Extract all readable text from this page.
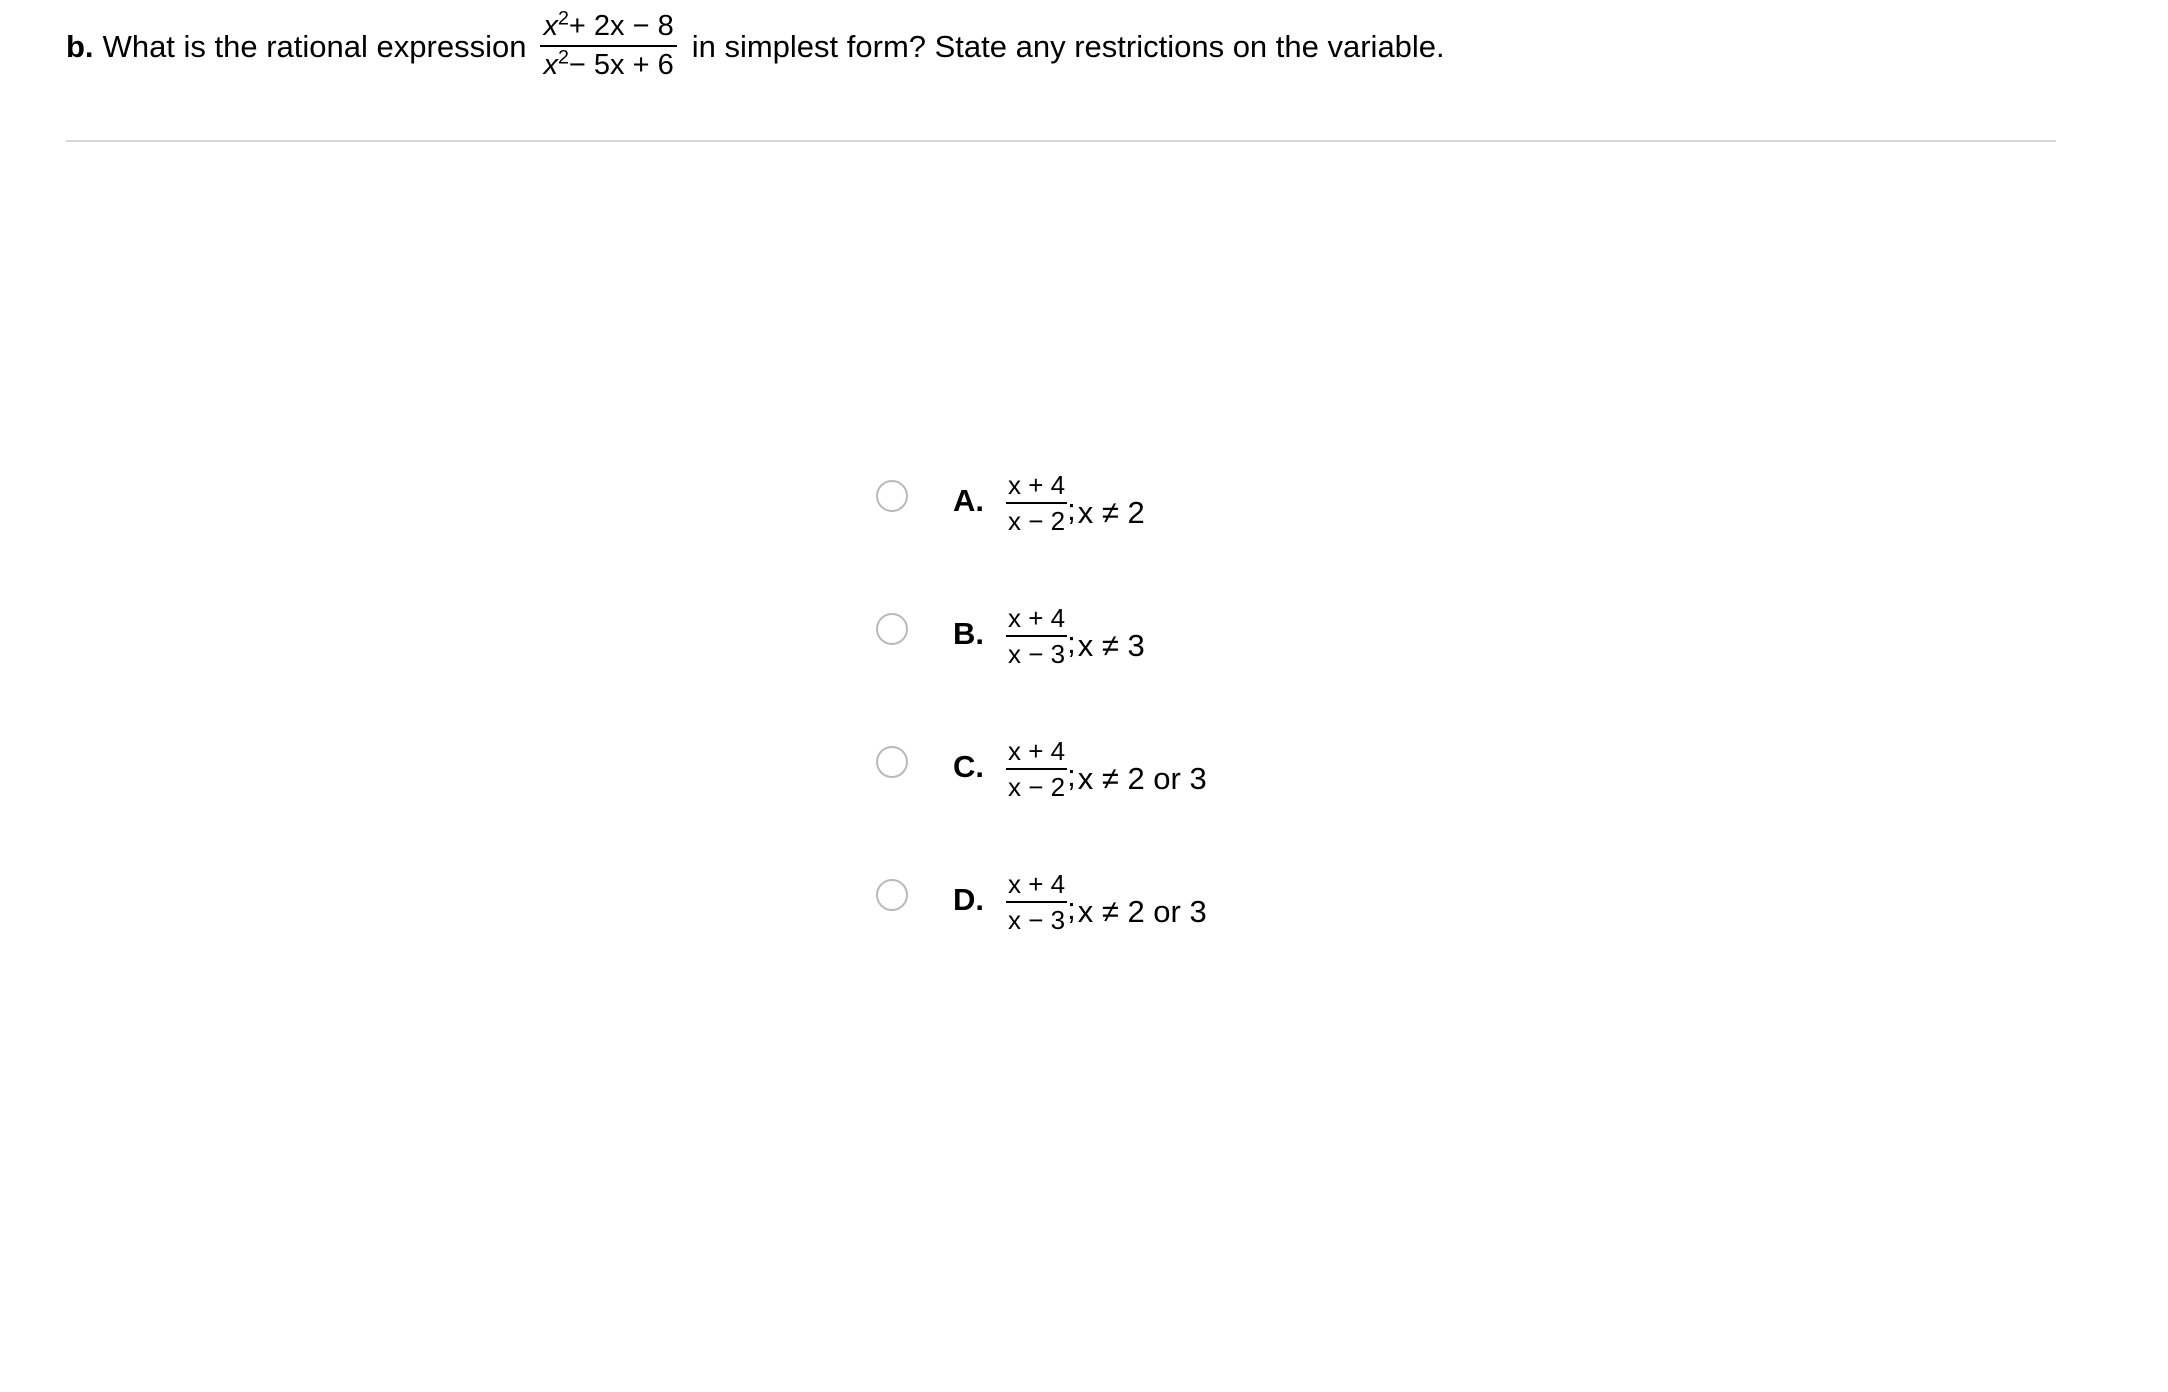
b. What is the rational expression $\frac{x^2+ 2x - 8}{x^2- 5x + 6}$ in simplest form? State any restrictions on the variable.
A. $\frac{x + 4}{x - 2}$ ; x ≠ 2
B. $\frac{x + 4}{x - 3}$ ; x ≠ 3
C. $\frac{x + 4}{x - 2}$ ; x ≠ 2 or 3
D. $\frac{x + 4}{x - 3}$ ; x ≠ 2 or 3
